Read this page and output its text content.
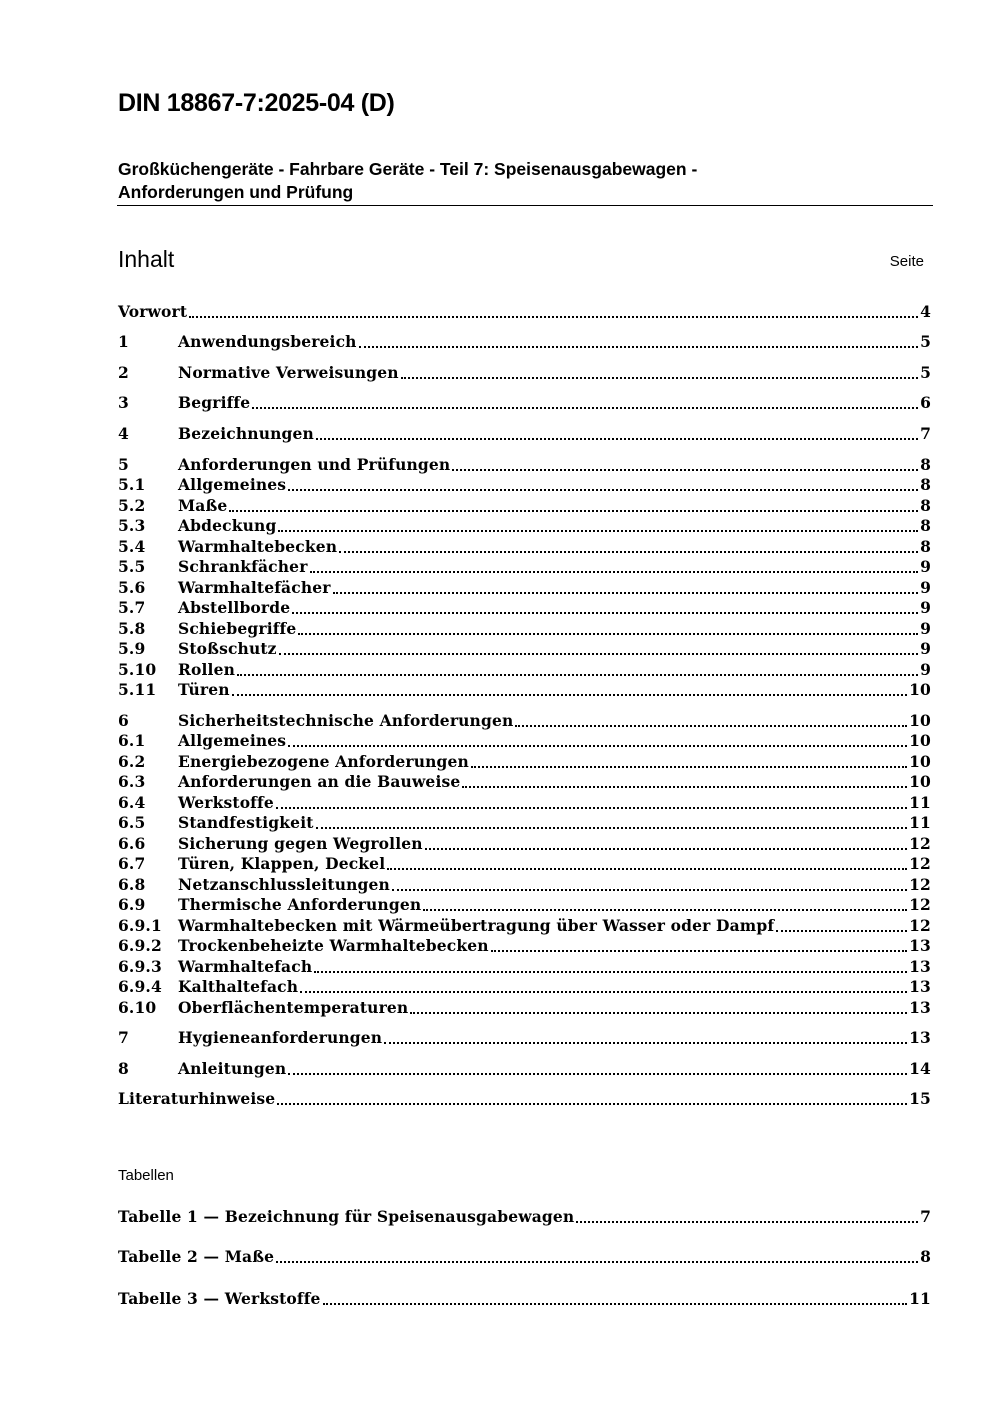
DIN 18867-7:2025-04 (D)
Großküchengeräte - Fahrbare Geräte - Teil 7: Speisenausgabewagen -
Anforderungen und Prüfung
Inhalt	Seite
Vorwort	4
1	Anwendungsbereich	5
2	Normative Verweisungen	5
3	Begriffe	6
4	Bezeichnungen	7
5	Anforderungen und Prüfungen	8
5.1	Allgemeines	8
5.2	Maße	8
5.3	Abdeckung	8
5.4	Warmhaltebecken	8
5.5	Schrankfächer	9
5.6	Warmhaltefächer	9
5.7	Abstellborde	9
5.8	Schiebegriffe	9
5.9	Stoßschutz	9
5.10	Rollen	9
5.11	Türen	10
6	Sicherheitstechnische Anforderungen	10
6.1	Allgemeines	10
6.2	Energiebezogene Anforderungen	10
6.3	Anforderungen an die Bauweise	10
6.4	Werkstoffe	11
6.5	Standfestigkeit	11
6.6	Sicherung gegen Wegrollen	12
6.7	Türen, Klappen, Deckel	12
6.8	Netzanschlussleitungen	12
6.9	Thermische Anforderungen	12
6.9.1	Warmhaltebecken mit Wärmeübertragung über Wasser oder Dampf	12
6.9.2	Trockenbeheizte Warmhaltebecken	13
6.9.3	Warmhaltefach	13
6.9.4	Kalthaltefach	13
6.10	Oberflächentemperaturen	13
7	Hygieneanforderungen	13
8	Anleitungen	14
Literaturhinweise	15
Tabellen
Tabelle 1 — Bezeichnung für Speisenausgabewagen	7
Tabelle 2 — Maße	8
Tabelle 3 — Werkstoffe	11
